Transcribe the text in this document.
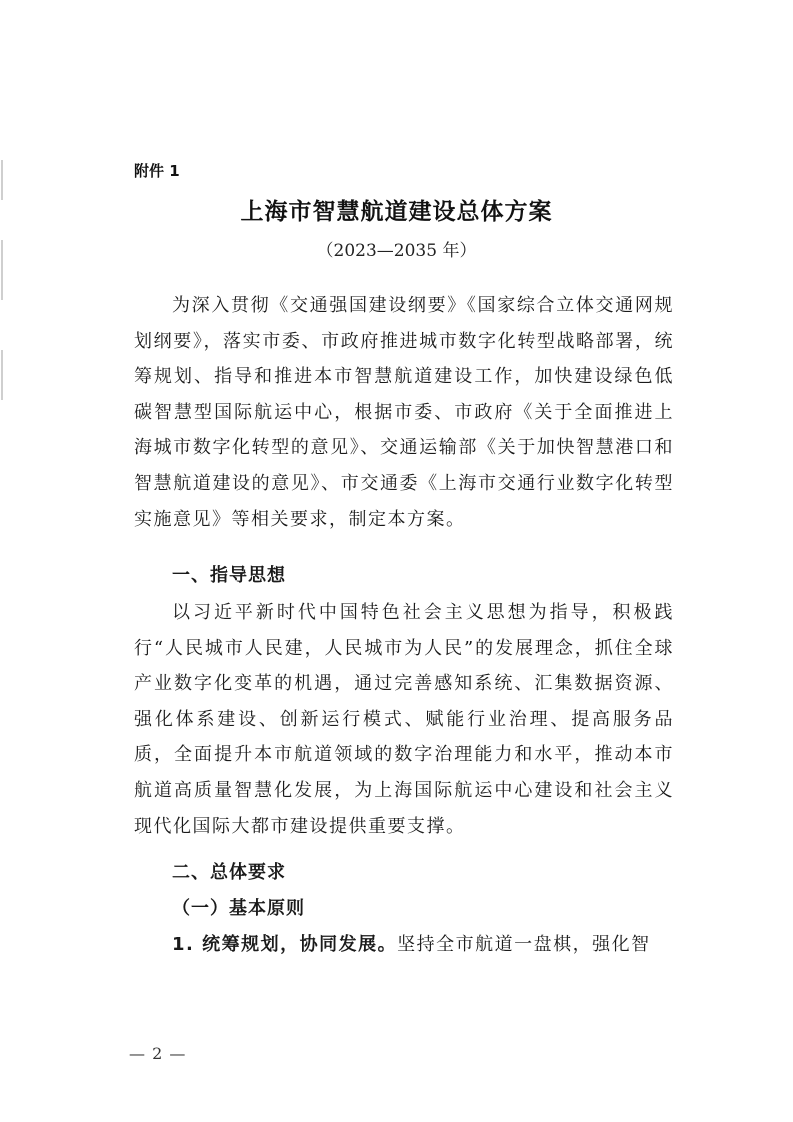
附件 1
上海市智慧航道建设总体方案
（2023—2035 年）

为深入贯彻《交通强国建设纲要》《国家综合立体交通网规划纲要》，落实市委、市政府推进城市数字化转型战略部署，统筹规划、指导和推进本市智慧航道建设工作，加快建设绿色低碳智慧型国际航运中心，根据市委、市政府《关于全面推进上海城市数字化转型的意见》、交通运输部《关于加快智慧港口和智慧航道建设的意见》、市交通委《上海市交通行业数字化转型实施意见》等相关要求，制定本方案。

一、指导思想

以习近平新时代中国特色社会主义思想为指导，积极践行“人民城市人民建，人民城市为人民”的发展理念，抓住全球产业数字化变革的机遇，通过完善感知系统、汇集数据资源、强化体系建设、创新运行模式、赋能行业治理、提高服务品质，全面提升本市航道领域的数字治理能力和水平，推动本市航道高质量智慧化发展，为上海国际航运中心建设和社会主义现代化国际大都市建设提供重要支撑。

二、总体要求

（一）基本原则

1. 统筹规划，协同发展。坚持全市航道一盘棋，强化智

— 2 —
